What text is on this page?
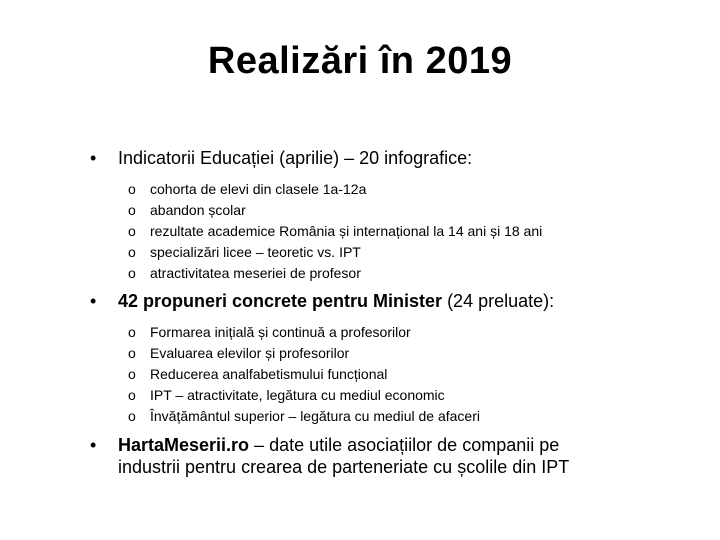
Realizări în 2019
• Indicatorii Educației (aprilie) – 20 infografice:
o cohorta de elevi din clasele 1a-12a
o abandon școlar
o rezultate academice România și internațional la 14 ani și 18 ani
o specializări licee – teoretic vs. IPT
o atractivitatea meseriei de profesor
• 42 propuneri concrete pentru Minister (24 preluate):
o Formarea inițială și continuă a profesorilor
o Evaluarea elevilor și profesorilor
o Reducerea analfabetismului funcțional
o IPT – atractivitate, legătura cu mediul economic
o Învățământul superior – legătura cu mediul de afaceri
• HartaMeserii.ro – date utile asociațiilor de companii pe
industrii pentru crearea de parteneriate cu școlile din IPT
